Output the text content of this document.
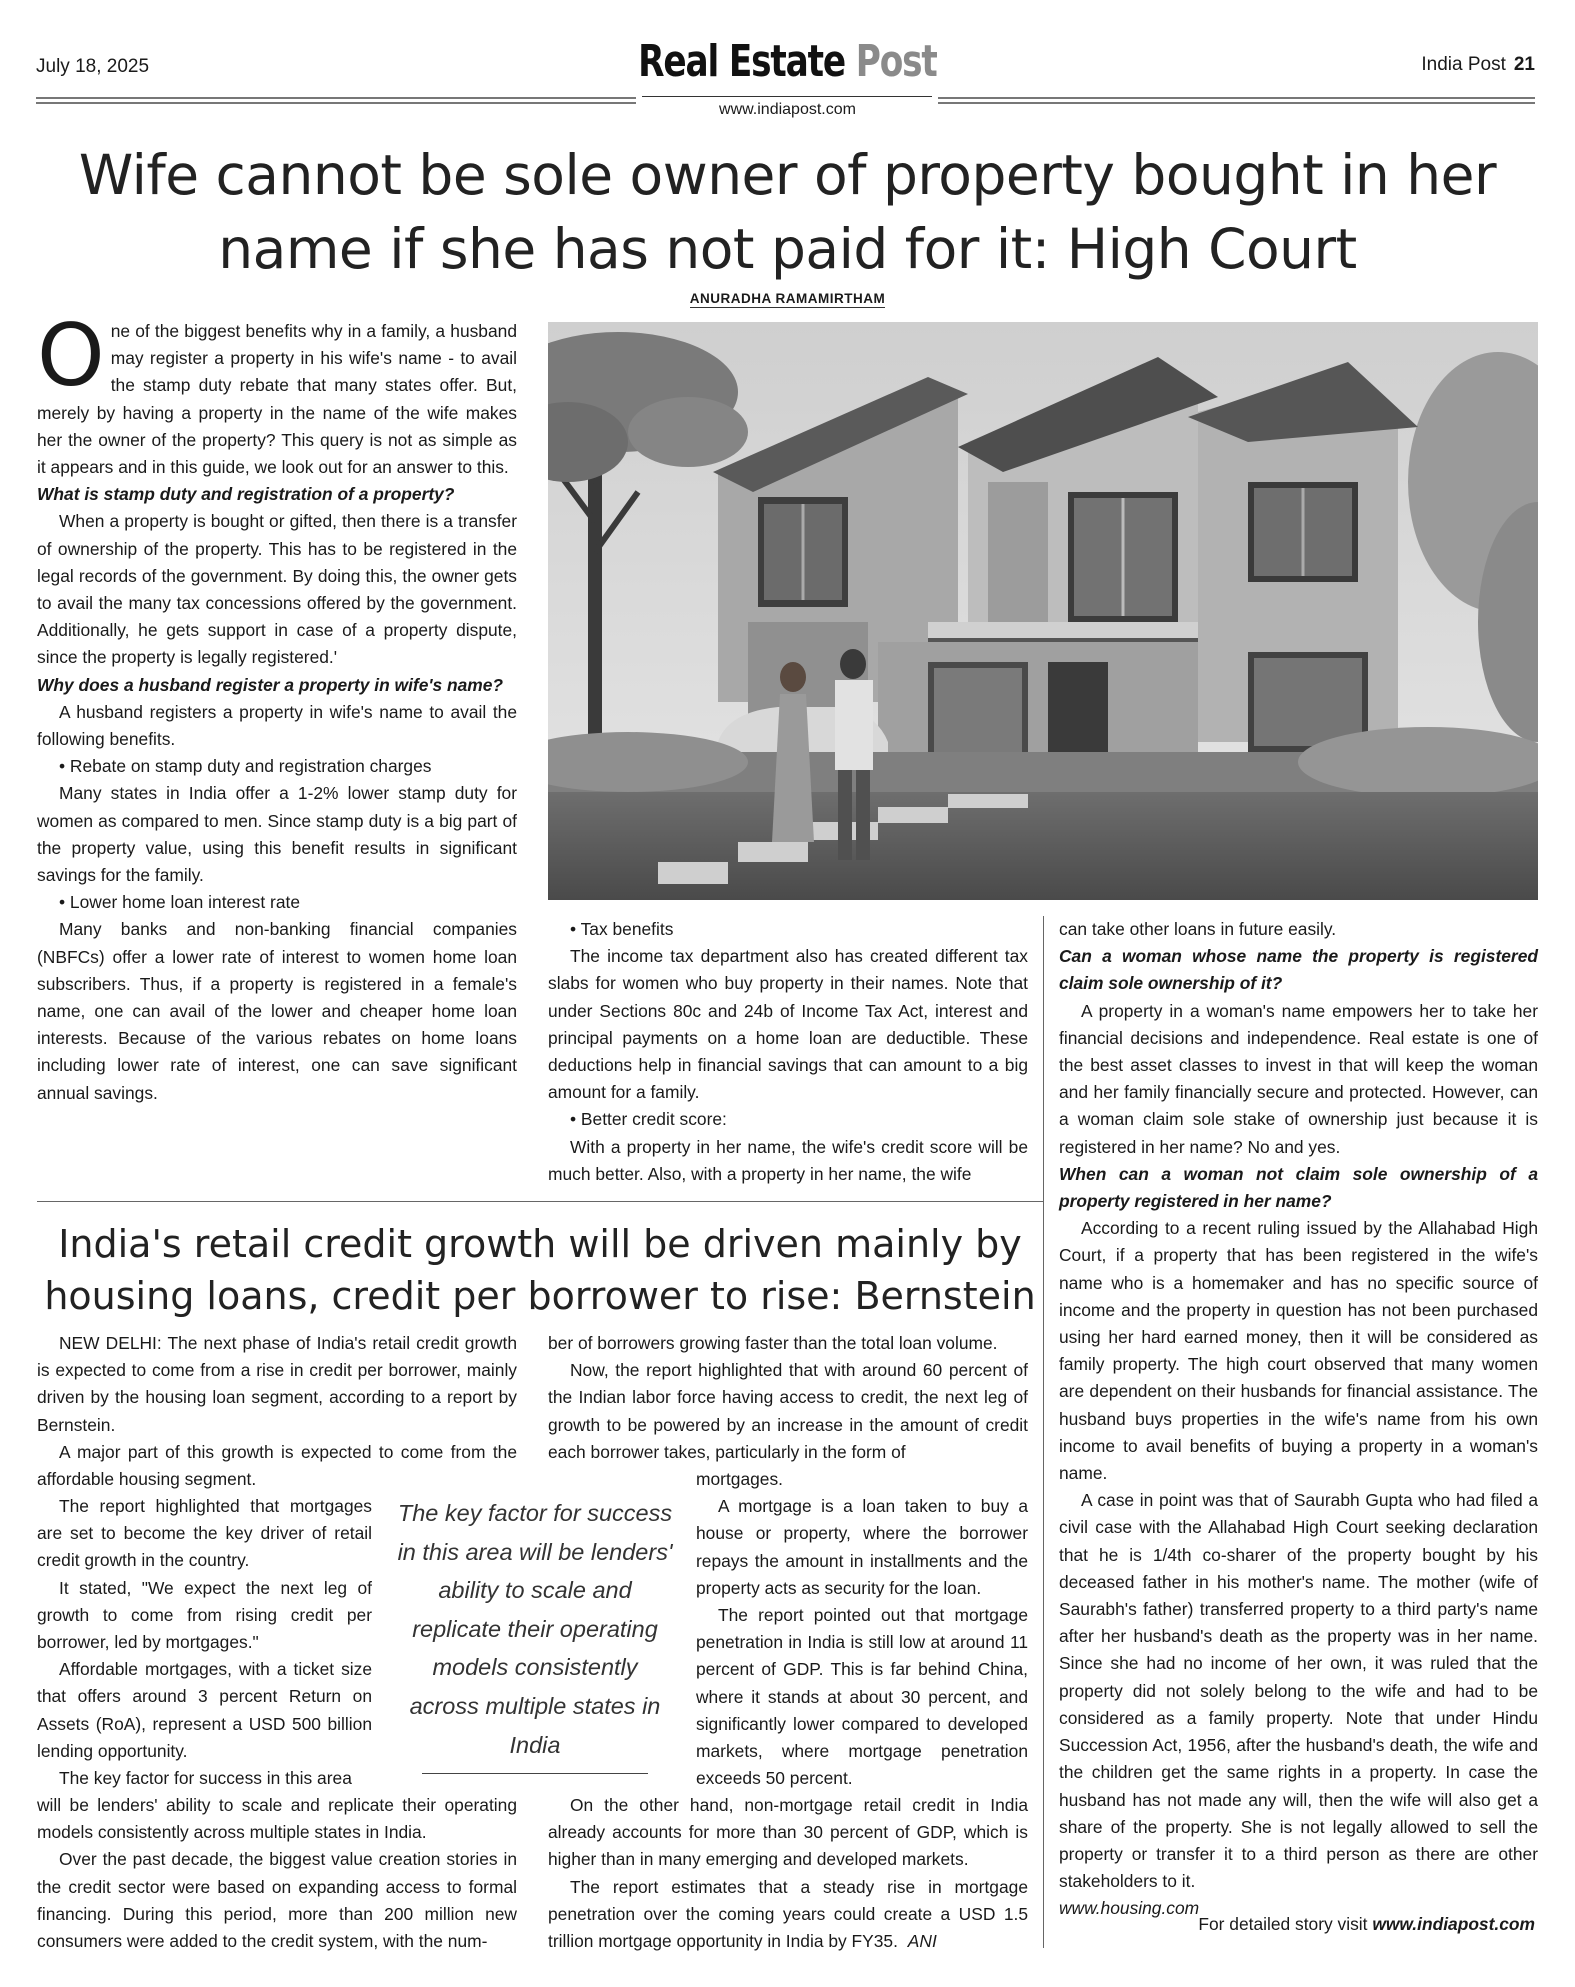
July 18, 2025	Real Estate Post
www.indiapost.com
India Post 21
Wife cannot be sole owner of property bought in her name if she has not paid for it: High Court
ANURADHA RAMAMIRTHAM
O ne of the biggest benefits why in a family, a husband may register a property in his wife's name - to avail the stamp duty rebate that many states offer. But, merely by having a property in the name of the wife makes her the owner of the property? This query is not as simple as it appears and in this guide, we look out for an answer to this.

What is stamp duty and registration of a property?

When a property is bought or gifted, then there is a transfer of ownership of the property. This has to be registered in the legal records of the government. By doing this, the owner gets to avail the many tax concessions offered by the government. Additionally, he gets support in case of a property dispute, since the property is legally registered.'

Why does a husband register a property in wife's name?

A husband registers a property in wife's name to avail the following benefits.

• Rebate on stamp duty and registration charges

Many states in India offer a 1-2% lower stamp duty for women as compared to men. Since stamp duty is a big part of the property value, using this benefit results in significant savings for the family.

• Lower home loan interest rate

Many banks and non-banking financial companies (NBFCs) offer a lower rate of interest to women home loan subscribers. Thus, if a property is registered in a female's name, one can avail of the lower and cheaper home loan interests. Because of the various rebates on home loans including lower rate of interest, one can save significant annual savings.

• Tax benefits

The income tax department also has created different tax slabs for women who buy property in their names. Note that under Sections 80c and 24b of Income Tax Act, interest and principal payments on a home loan are deductible. These deductions help in financial savings that can amount to a big amount for a family.

• Better credit score:

With a property in her name, the wife's credit score will be much better. Also, with a property in her name, the wife

can take other loans in future easily.

Can a woman whose name the property is registered claim sole ownership of it?

A property in a woman's name empowers her to take her financial decisions and independence. Real estate is one of the best asset classes to invest in that will keep the woman and her family financially secure and protected. However, can a woman claim sole stake of ownership just because it is registered in her name? No and yes.

When can a woman not claim sole ownership of a property registered in her name?

According to a recent ruling issued by the Allahabad High Court, if a property that has been registered in the wife's name who is a homemaker and has no specific source of income and the property in question has not been purchased using her hard earned money, then it will be considered as family property. The high court observed that many women are dependent on their husbands for financial assistance. The husband buys properties in the wife's name from his own income to avail benefits of buying a property in a woman's name.

A case in point was that of Saurabh Gupta who had filed a civil case with the Allahabad High Court seeking declaration that he is 1/4th co-sharer of the property bought by his deceased father in his mother's name. The mother (wife of Saurabh's father) transferred property to a third party's name after her husband's death as the property was in her name. Since she had no income of her own, it was ruled that the property did not solely belong to the wife and had to be considered as a family property. Note that under Hindu Succession Act, 1956, after the husband's death, the wife and the children get the same rights in a property. In case the husband has not made any will, then the wife will also get a share of the property. She is not legally allowed to sell the property or transfer it to a third person as there are other stakeholders to it.

www.housing.com

India's retail credit growth will be driven mainly by housing loans, credit per borrower to rise: Bernstein

NEW DELHI: The next phase of India's retail credit growth is expected to come from a rise in credit per borrower, mainly driven by the housing loan segment, according to a report by Bernstein.

A major part of this growth is expected to come from the affordable housing segment.

The report highlighted that mortgages are set to become the key driver of retail credit growth in the country.

It stated, "We expect the next leg of growth to come from rising credit per borrower, led by mortgages."

Affordable mortgages, with a ticket size that offers around 3 percent Return on Assets (RoA), represent a USD 500 billion lending opportunity.

The key factor for success in this area

will be lenders' ability to scale and replicate their operating models consistently across multiple states in India.

Over the past decade, the biggest value creation stories in the credit sector were based on expanding access to formal financing. During this period, more than 200 million new consumers were added to the credit system, with the num-

The key factor for success in this area will be lenders' ability to scale and replicate their operating models consistently across multiple states in India

ber of borrowers growing faster than the total loan volume.

Now, the report highlighted that with around 60 percent of the Indian labor force having access to credit, the next leg of growth to be powered by an increase in the amount of credit each borrower takes, particularly in the form of

mortgages.

A mortgage is a loan taken to buy a house or property, where the borrower repays the amount in installments and the property acts as security for the loan.

The report pointed out that mortgage penetration in India is still low at around 11 percent of GDP. This is far behind China, where it stands at about 30 percent, and significantly lower compared to developed markets, where mortgage penetration exceeds 50 percent.

On the other hand, non-mortgage retail credit in India already accounts for more than 30 percent of GDP, which is higher than in many emerging and developed markets.

The report estimates that a steady rise in mortgage penetration over the coming years could create a USD 1.5 trillion mortgage opportunity in India by FY35. ANI

For detailed story visit www.indiapost.com
